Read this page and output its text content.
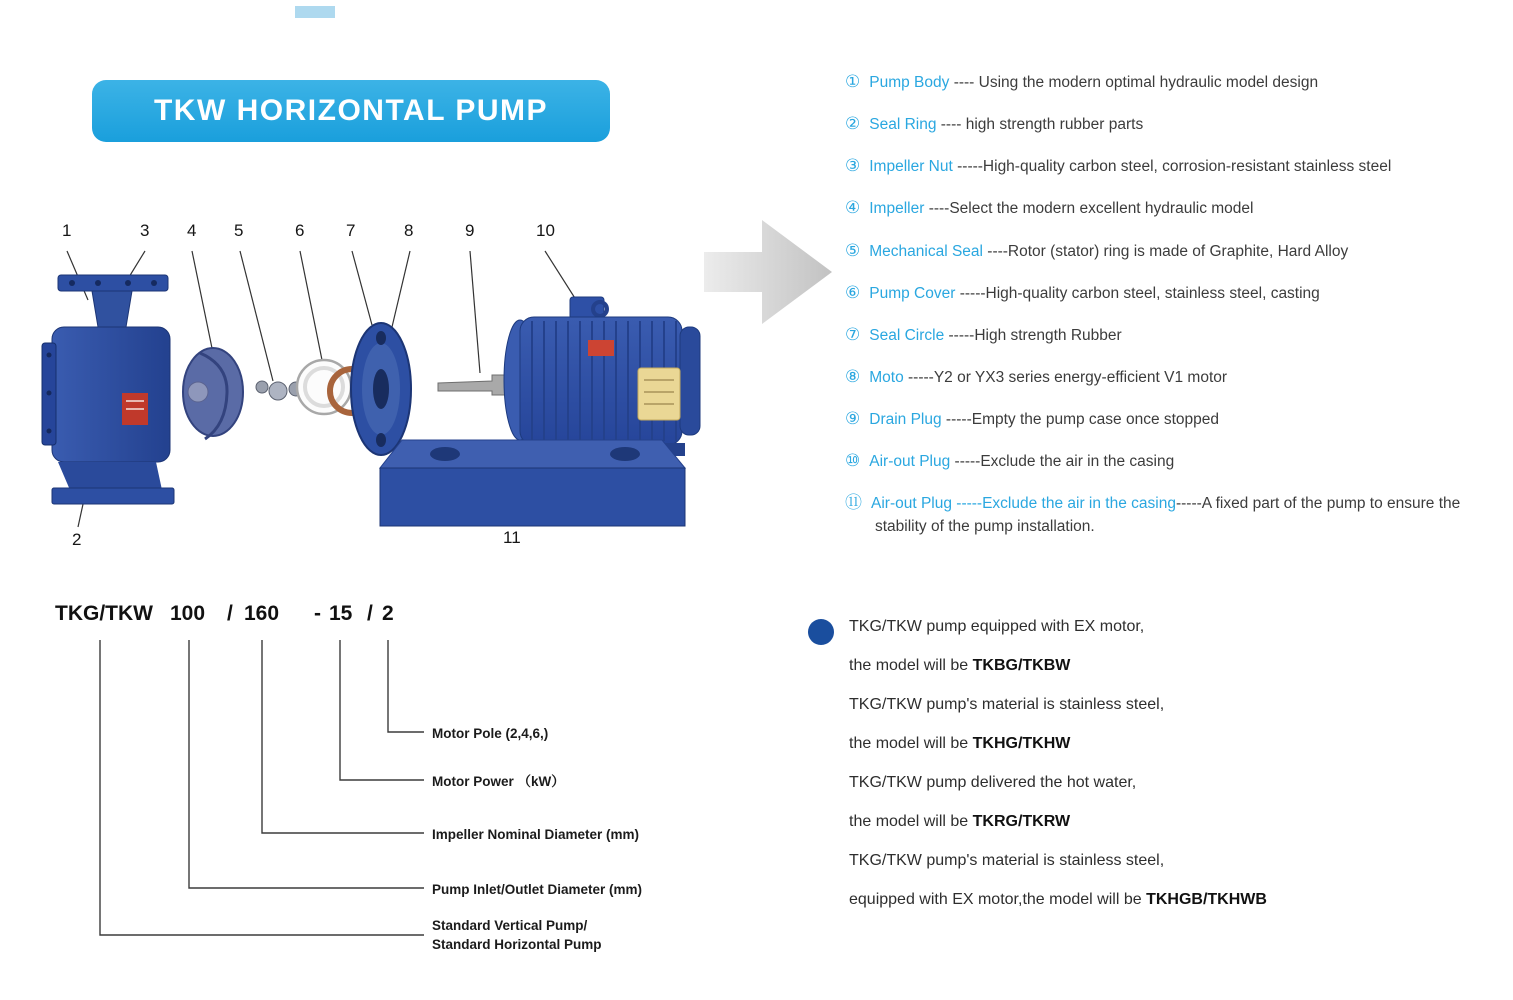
TKW HORIZONTAL PUMP
1	3 4 5	6 7	8	9	10
2	11
① Pump Body ---- Using the modern optimal hydraulic model design
② Seal Ring ---- high strength rubber parts
③ Impeller Nut -----High-quality carbon steel, corrosion-resistant stainless steel
④ Impeller ----Select the modern excellent hydraulic model
⑤ Mechanical Seal ----Rotor (stator) ring is made of Graphite, Hard Alloy
⑥ Pump Cover -----High-quality carbon steel, stainless steel, casting
⑦ Seal Circle -----High strength Rubber
⑧ Moto -----Y2 or YX3 series energy-efficient V1 motor
⑨ Drain Plug -----Empty the pump case once stopped
⑩ Air-out Plug -----Exclude the air in the casing
⑪ Air-out Plug -----Exclude the air in the casing-----A fixed part of the pump to ensure the stability of the pump installation.
TKG/TKW 100 / 160 - 15 / 2
Motor Pole (2,4,6,)
Motor Power （kW）
Impeller Nominal Diameter (mm)
Pump Inlet/Outlet Diameter (mm)
Standard Vertical Pump/
Standard Horizontal Pump
TKG/TKW pump equipped with EX motor,
the model will be TKBG/TKBW
TKG/TKW pump's material is stainless steel,
the model will be TKHG/TKHW
TKG/TKW pump delivered the hot water,
the model will be TKRG/TKRW
TKG/TKW pump's material is stainless steel,
equipped with EX motor,the model will be TKHGB/TKHWB
